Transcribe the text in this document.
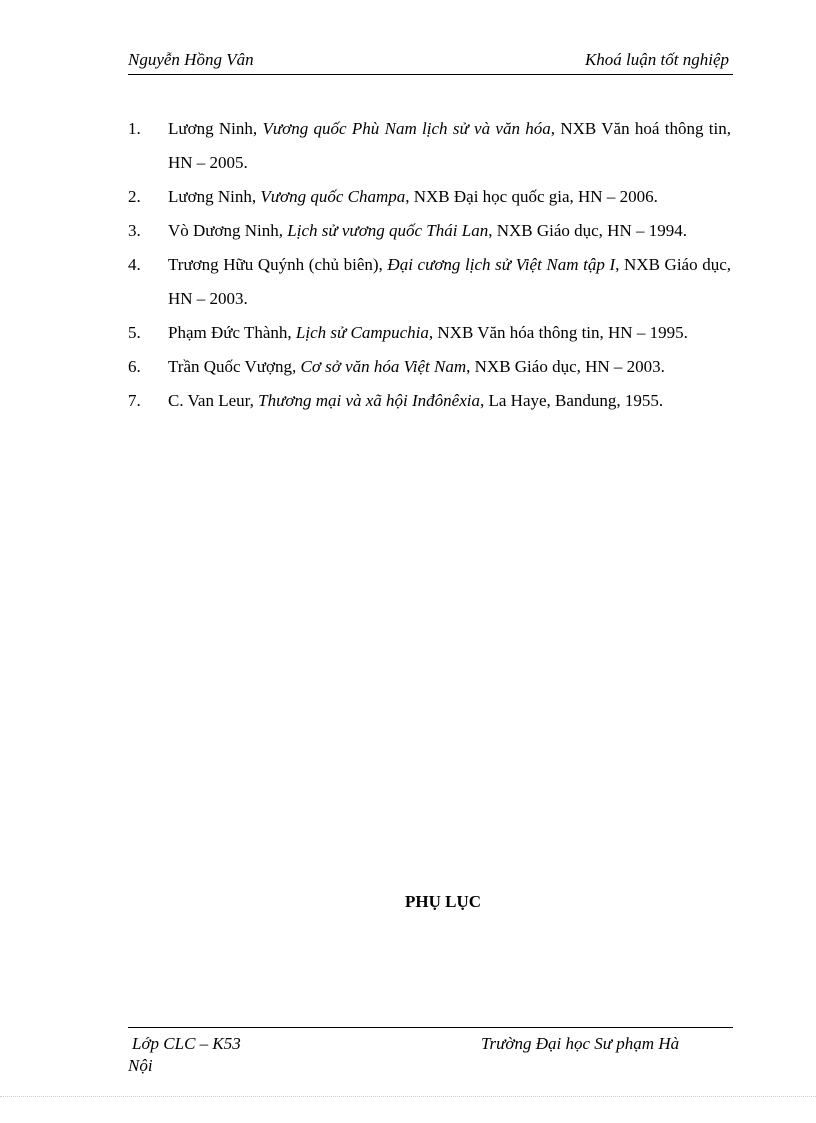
Nguyễn Hồng Vân	Khoá luận tốt nghiệp
1. Lương Ninh, Vương quốc Phù Nam lịch sử và văn hóa, NXB Văn hoá thông tin, HN – 2005.
2. Lương Ninh, Vương quốc Champa, NXB Đại học quốc gia, HN – 2006.
3. Vò Dương Ninh, Lịch sử vương quốc Thái Lan, NXB Giáo dục, HN – 1994.
4. Trương Hữu Quýnh (chủ biên), Đại cương lịch sử Việt Nam tập I, NXB Giáo dục, HN – 2003.
5. Phạm Đức Thành, Lịch sử Campuchia, NXB Văn hóa thông tin, HN – 1995.
6. Trần Quốc Vượng, Cơ sở văn hóa Việt Nam, NXB Giáo dục, HN – 2003.
7. C. Van Leur, Thương mại và xã hội Inđônêxia, La Haye, Bandung, 1955.
PHỤ LỤC
Lớp CLC – K53	Trường Đại học Sư phạm Hà
Nội
